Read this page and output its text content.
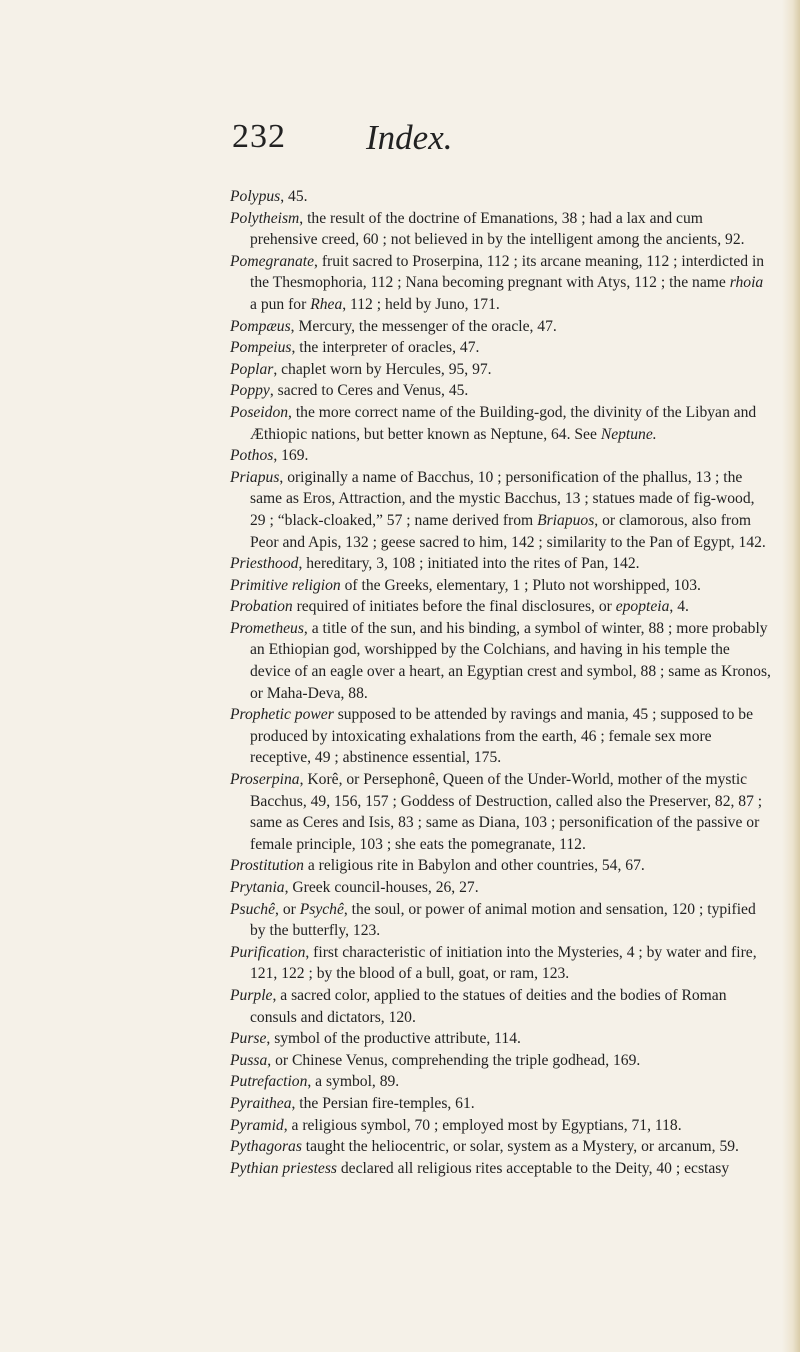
232 Index.

Polypus, 45.

Polytheism, the result of the doctrine of Emanations, 38 ; had a lax and cum prehensive creed, 60 ; not believed in by the intelligent among the ancients, 92.

Pomegranate, fruit sacred to Proserpina, 112 ; its arcane meaning, 112 ; interdicted in the Thesmophoria, 112 ; Nana becoming pregnant with Atys, 112 ; the name rhoia a pun for Rhea, 112 ; held by Juno, 171.

Pompæus, Mercury, the messenger of the oracle, 47.

Pompeius, the interpreter of oracles, 47.

Poplar, chaplet worn by Hercules, 95, 97.

Poppy, sacred to Ceres and Venus, 45.

Poseidon, the more correct name of the Building-god, the divinity of the Libyan and Æthiopic nations, but better known as Neptune, 64. See Neptune.

Pothos, 169.

Priapus, originally a name of Bacchus, 10 ; personification of the phallus, 13 ; the same as Eros, Attraction, and the mystic Bacchus, 13 ; statues made of fig-wood, 29 ; “black-cloaked,” 57 ; name derived from Briapuos, or clamorous, also from Peor and Apis, 132 ; geese sacred to him, 142 ; similarity to the Pan of Egypt, 142.

Priesthood, hereditary, 3, 108 ; initiated into the rites of Pan, 142.

Primitive religion of the Greeks, elementary, 1 ; Pluto not worshipped, 103.

Probation required of initiates before the final disclosures, or epopteia, 4.

Prometheus, a title of the sun, and his binding, a symbol of winter, 88 ; more probably an Ethiopian god, worshipped by the Colchians, and having in his temple the device of an eagle over a heart, an Egyptian crest and symbol, 88 ; same as Kronos, or Maha-Deva, 88.

Prophetic power supposed to be attended by ravings and mania, 45 ; supposed to be produced by intoxicating exhalations from the earth, 46 ; female sex more receptive, 49 ; abstinence essential, 175.

Proserpina, Korê, or Persephonê, Queen of the Under-World, mother of the mystic Bacchus, 49, 156, 157 ; Goddess of Destruction, called also the Preserver, 82, 87 ; same as Ceres and Isis, 83 ; same as Diana, 103 ; personification of the passive or female principle, 103 ; she eats the pomegranate, 112.

Prostitution a religious rite in Babylon and other countries, 54, 67.

Prytania, Greek council-houses, 26, 27.

Psuchê, or Psychê, the soul, or power of animal motion and sensation, 120 ; typified by the butterfly, 123.

Purification, first characteristic of initiation into the Mysteries, 4 ; by water and fire, 121, 122 ; by the blood of a bull, goat, or ram, 123.

Purple, a sacred color, applied to the statues of deities and the bodies of Roman consuls and dictators, 120.

Purse, symbol of the productive attribute, 114.

Pussa, or Chinese Venus, comprehending the triple godhead, 169.

Putrefaction, a symbol, 89.

Pyraithea, the Persian fire-temples, 61.

Pyramid, a religious symbol, 70 ; employed most by Egyptians, 71, 118.

Pythagoras taught the heliocentric, or solar, system as a Mystery, or arcanum, 59.

Pythian priestess declared all religious rites acceptable to the Deity, 40 ; ecstasy
